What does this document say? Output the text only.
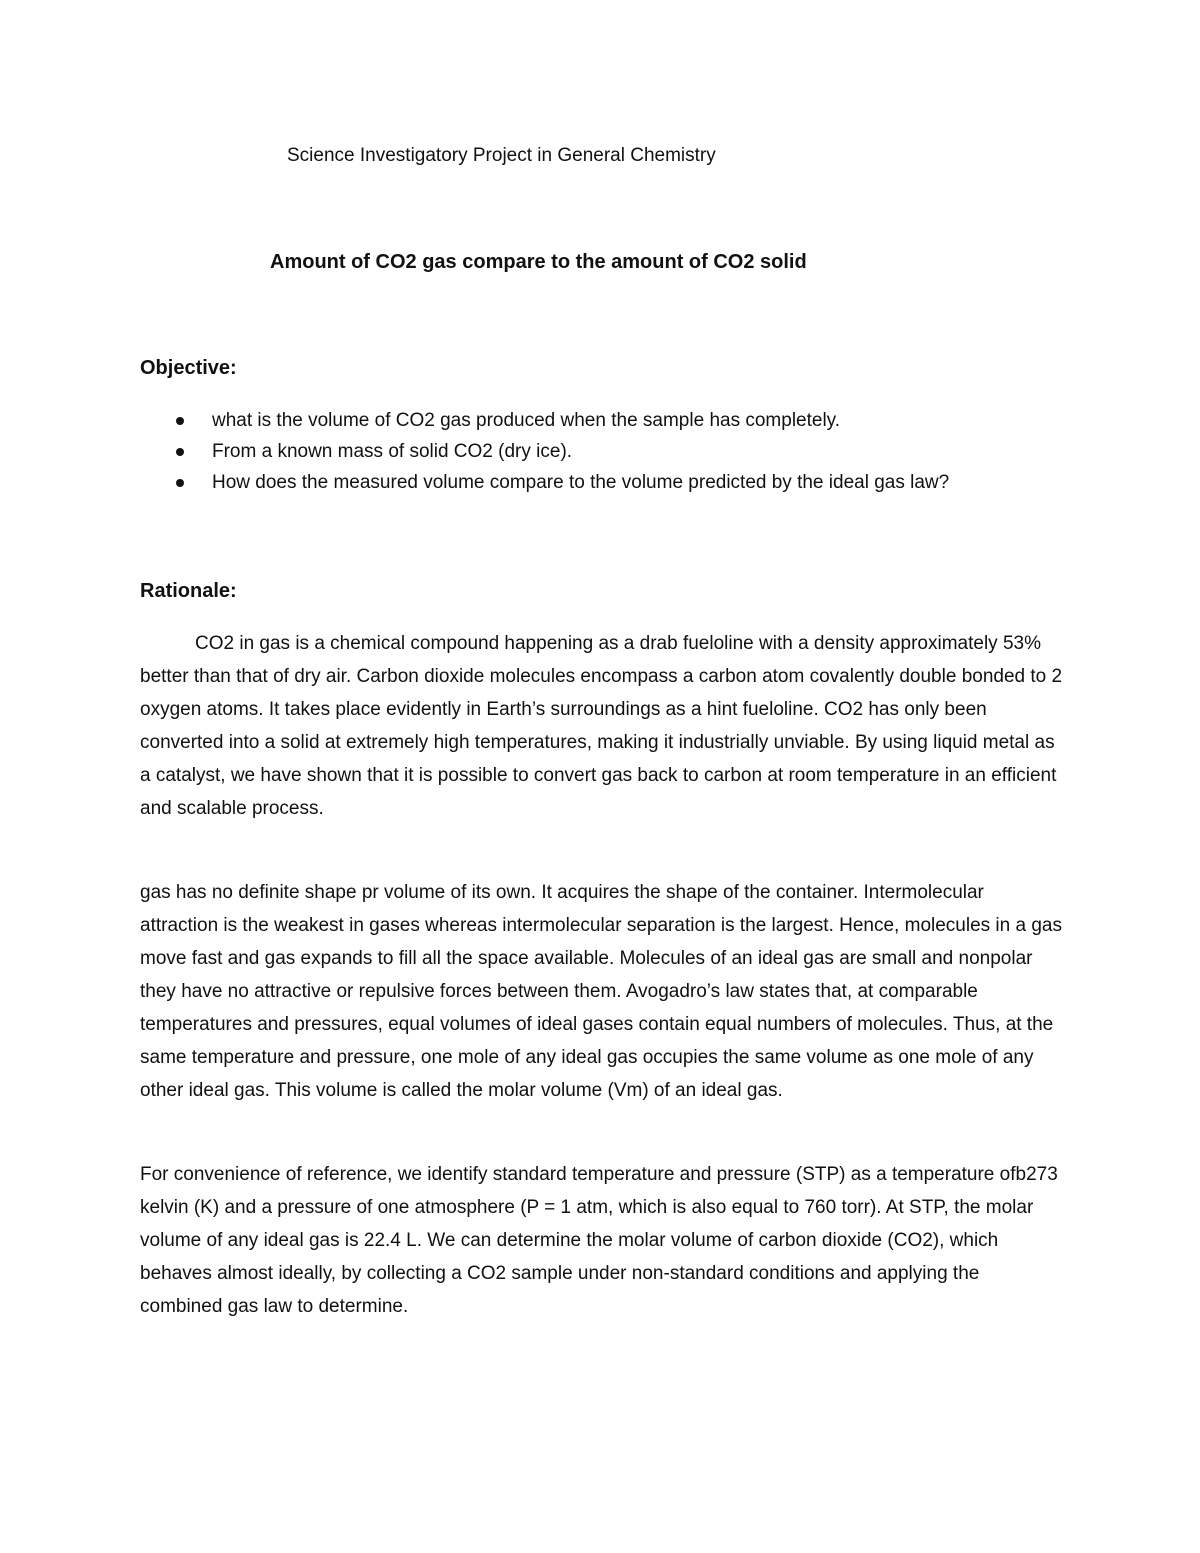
Science Investigatory Project in General Chemistry
Amount of CO2 gas compare to the amount of CO2 solid
Objective:
what is the volume of CO2 gas produced when the sample has completely.
From a known mass of solid CO2 (dry ice).
How does the measured volume compare to the volume predicted by the ideal gas law?
Rationale:

CO2 in gas is a chemical compound happening as a drab fueloline with a density approximately 53% better than that of dry air. Carbon dioxide molecules encompass a carbon atom covalently double bonded to 2 oxygen atoms. It takes place evidently in Earth’s surroundings as a hint fueloline. CO2 has only been converted into a solid at extremely high temperatures, making it industrially unviable. By using liquid metal as a catalyst, we have shown that it is possible to convert gas back to carbon at room temperature in an efficient and scalable process.

gas has no definite shape pr volume of its own. It acquires the shape of the container. Intermolecular attraction is the weakest in gases whereas intermolecular separation is the largest. Hence, molecules in a gas move fast and gas expands to fill all the space available. Molecules of an ideal gas are small and nonpolar they have no attractive or repulsive forces between them. Avogadro’s law states that, at comparable temperatures and pressures, equal volumes of ideal gases contain equal numbers of molecules. Thus, at the same temperature and pressure, one mole of any ideal gas occupies the same volume as one mole of any other ideal gas. This volume is called the molar volume (Vm) of an ideal gas.

For convenience of reference, we identify standard temperature and pressure (STP) as a temperature ofb273 kelvin (K) and a pressure of one atmosphere (P = 1 atm, which is also equal to 760 torr). At STP, the molar volume of any ideal gas is 22.4 L. We can determine the molar volume of carbon dioxide (CO2), which behaves almost ideally, by collecting a CO2 sample under non-standard conditions and applying the combined gas law to determine.
